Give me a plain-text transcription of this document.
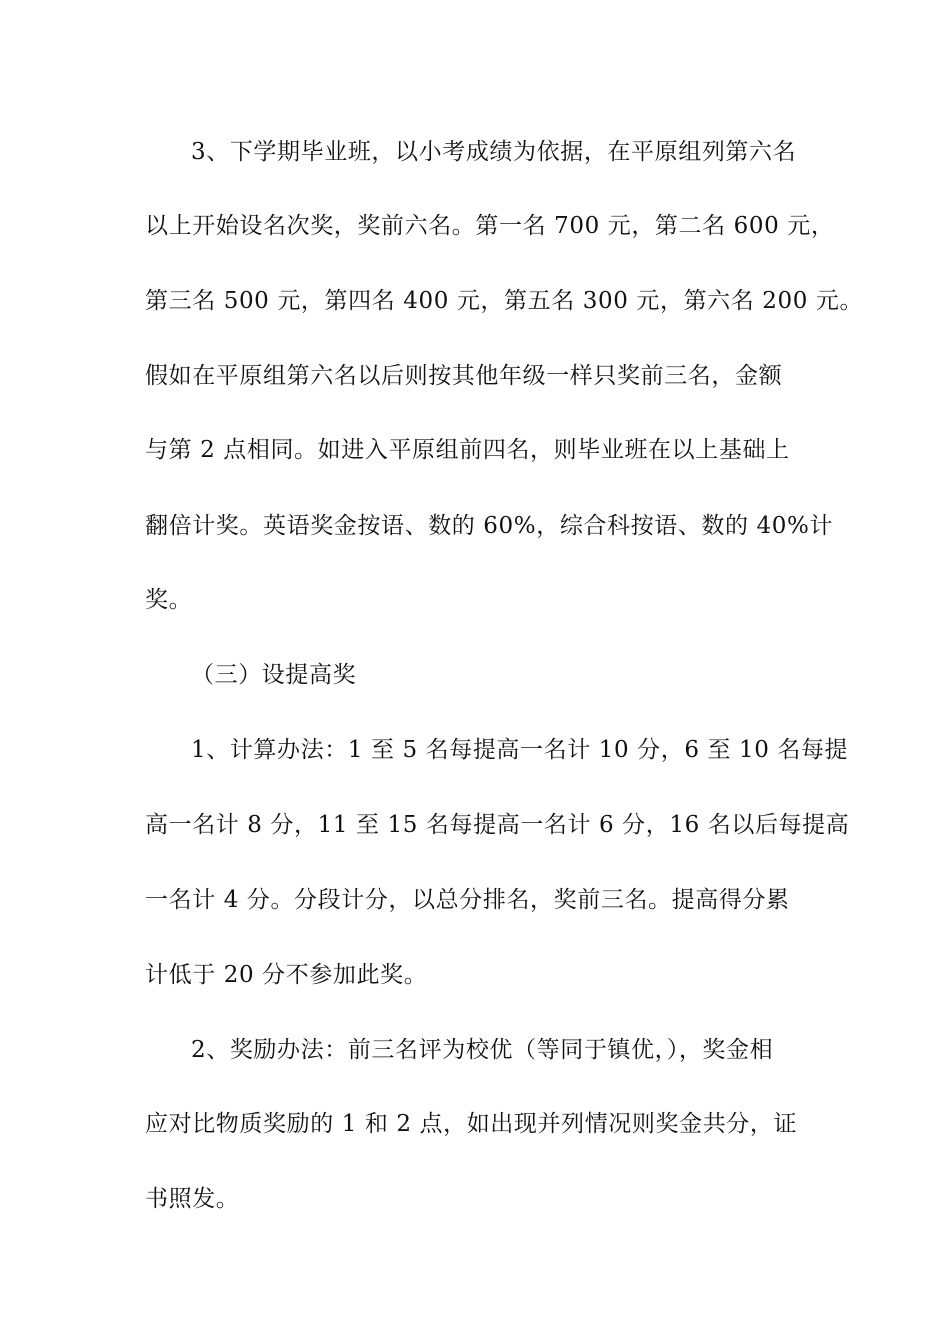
3、下学期毕业班，以小考成绩为依据，在平原组列第六名
以上开始设名次奖，奖前六名。第一名 700 元，第二名 600 元，
第三名 500 元，第四名 400 元，第五名 300 元，第六名 200 元。
假如在平原组第六名以后则按其他年级一样只奖前三名，金额
与第 2 点相同。如进入平原组前四名，则毕业班在以上基础上
翻倍计奖。英语奖金按语、数的 60%，综合科按语、数的 40%计
奖。
（三）设提高奖
1、计算办法：1 至 5 名每提高一名计 10 分，6 至 10 名每提
高一名计 8 分，11 至 15 名每提高一名计 6 分，16 名以后每提高
一名计 4 分。分段计分，以总分排名，奖前三名。提高得分累
计低于 20 分不参加此奖。
2、奖励办法：前三名评为校优（等同于镇优，），奖金相
应对比物质奖励的 1 和 2 点，如出现并列情况则奖金共分，证
书照发。
